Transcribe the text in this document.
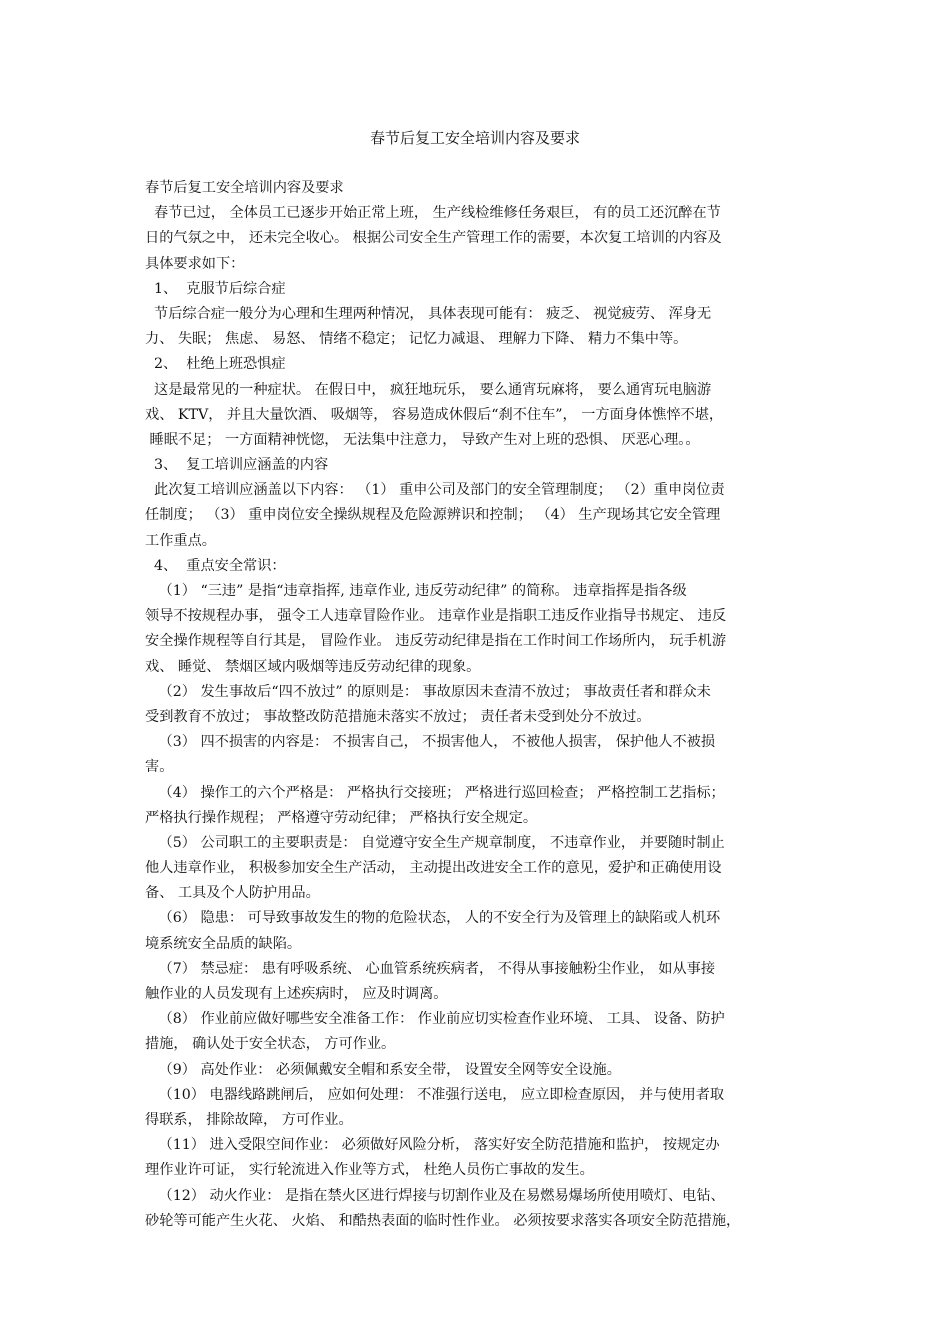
春节后复工安全培训内容及要求
春节后复工安全培训内容及要求
春节已过， 全体员工已逐步开始正常上班， 生产线检维修任务艰巨， 有的员工还沉醉在节
日的气氛之中， 还未完全收心。 根据公司安全生产管理工作的需要，本次复工培训的内容及
具体要求如下：
1、  克服节后综合症
节后综合症一般分为心理和生理两种情况， 具体表现可能有： 疲乏、 视觉疲劳、 浑身无
力、 失眠； 焦虑、 易怒、 情绪不稳定； 记忆力减退、 理解力下降、 精力不集中等。
2、  杜绝上班恐惧症
这是最常见的一种症状。 在假日中， 疯狂地玩乐， 要么通宵玩麻将， 要么通宵玩电脑游
戏、 KTV， 并且大量饮酒、 吸烟等， 容易造成休假后“刹不住车”， 一方面身体憔悴不堪，
睡眠不足； 一方面精神恍惚， 无法集中注意力， 导致产生对上班的恐惧、 厌恶心理。。
3、  复工培训应涵盖的内容
此次复工培训应涵盖以下内容： （1） 重申公司及部门的安全管理制度； （2）重申岗位责
任制度； （3） 重申岗位安全操纵规程及危险源辨识和控制； （4） 生产现场其它安全管理
工作重点。
4、  重点安全常识：
（1） “三违” 是指“违章指挥, 违章作业, 违反劳动纪律” 的简称。 违章指挥是指各级
领导不按规程办事， 强令工人违章冒险作业。 违章作业是指职工违反作业指导书规定、 违反
安全操作规程等自行其是， 冒险作业。 违反劳动纪律是指在工作时间工作场所内， 玩手机游
戏、 睡觉、 禁烟区域内吸烟等违反劳动纪律的现象。
（2） 发生事故后“四不放过” 的原则是： 事故原因未查清不放过； 事故责任者和群众未
受到教育不放过； 事故整改防范措施未落实不放过； 责任者未受到处分不放过。
（3） 四不损害的内容是： 不损害自己， 不损害他人， 不被他人损害， 保护他人不被损
害。
（4） 操作工的六个严格是： 严格执行交接班； 严格进行巡回检查； 严格控制工艺指标；
严格执行操作规程； 严格遵守劳动纪律； 严格执行安全规定。
（5） 公司职工的主要职责是： 自觉遵守安全生产规章制度， 不违章作业， 并要随时制止
他人违章作业， 积极参加安全生产活动， 主动提出改进安全工作的意见，爱护和正确使用设
备、 工具及个人防护用品。
（6） 隐患： 可导致事故发生的物的危险状态， 人的不安全行为及管理上的缺陷或人机环
境系统安全品质的缺陷。
（7） 禁忌症： 患有呼吸系统、 心血管系统疾病者， 不得从事接触粉尘作业， 如从事接
触作业的人员发现有上述疾病时， 应及时调离。
（8） 作业前应做好哪些安全准备工作： 作业前应切实检查作业环境、 工具、 设备、防护
措施， 确认处于安全状态， 方可作业。
（9） 高处作业： 必须佩戴安全帽和系安全带， 设置安全网等安全设施。
（10） 电器线路跳闸后， 应如何处理： 不准强行送电， 应立即检查原因， 并与使用者取
得联系， 排除故障， 方可作业。
（11） 进入受限空间作业： 必须做好风险分析， 落实好安全防范措施和监护， 按规定办
理作业许可证， 实行轮流进入作业等方式， 杜绝人员伤亡事故的发生。
（12） 动火作业： 是指在禁火区进行焊接与切割作业及在易燃易爆场所使用喷灯、电钻、
砂轮等可能产生火花、 火焰、 和酷热表面的临时性作业。 必须按要求落实各项安全防范措施，
